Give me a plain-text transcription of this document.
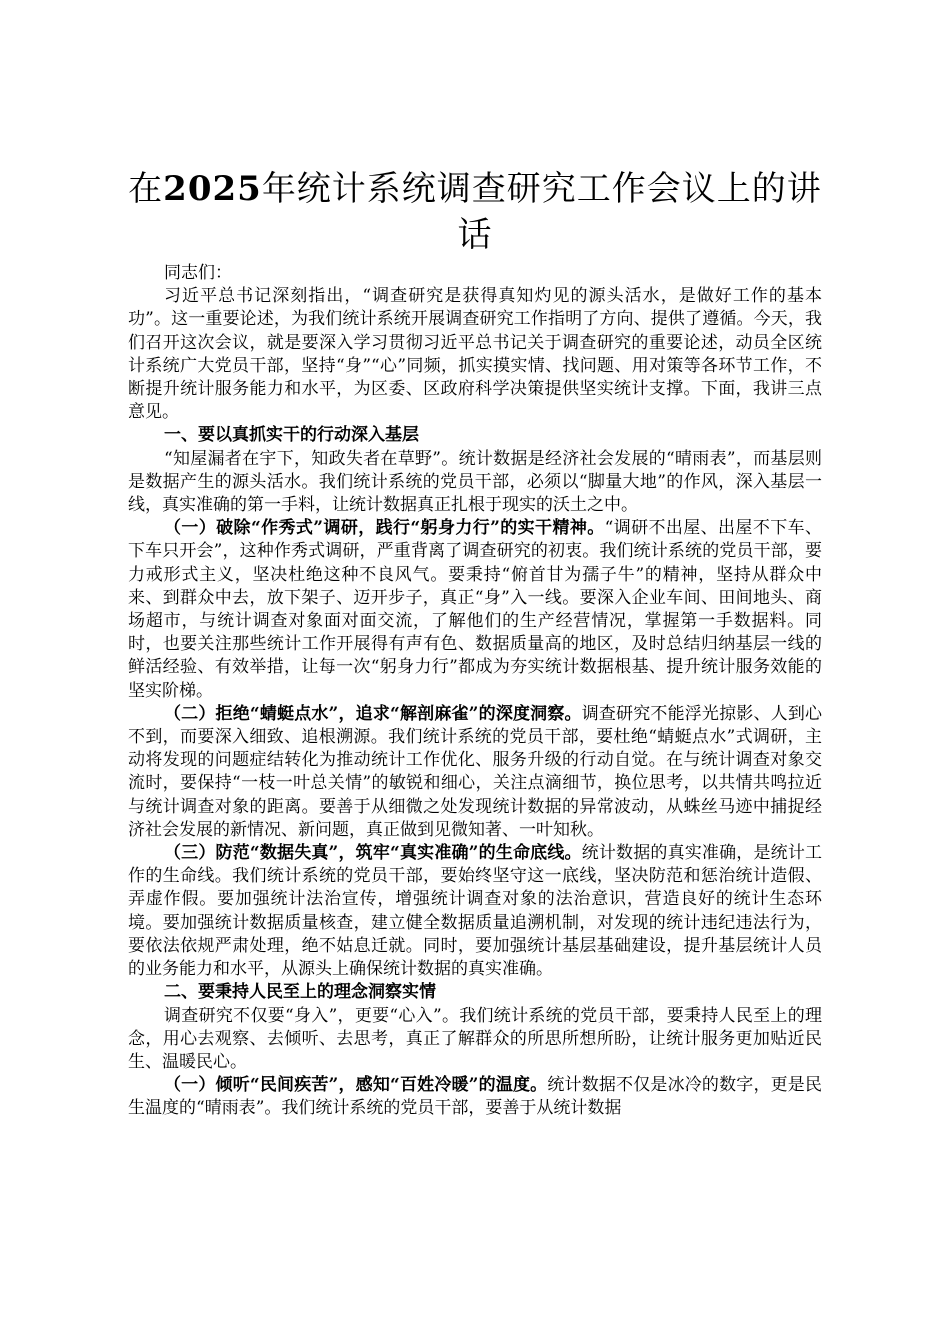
在2025年统计系统调查研究工作会议上的讲话

同志们：

习近平总书记深刻指出，“调查研究是获得真知灼见的源头活水，是做好工作的基本功”。这一重要论述，为我们统计系统开展调查研究工作指明了方向、提供了遵循。今天，我们召开这次会议，就是要深入学习贯彻习近平总书记关于调查研究的重要论述，动员全区统计系统广大党员干部，坚持“身”“心”同频，抓实摸实情、找问题、用对策等各环节工作，不断提升统计服务能力和水平，为区委、区政府科学决策提供坚实统计支撑。下面，我讲三点意见。

一、要以真抓实干的行动深入基层

“知屋漏者在宇下，知政失者在草野”。统计数据是经济社会发展的“晴雨表”，而基层则是数据产生的源头活水。我们统计系统的党员干部，必须以“脚量大地”的作风，深入基层一线，真实准确的第一手料，让统计数据真正扎根于现实的沃土之中。

（一）破除“作秀式”调研，践行“躬身力行”的实干精神。“调研不出屋、出屋不下车、下车只开会”，这种作秀式调研，严重背离了调查研究的初衷。我们统计系统的党员干部，要力戒形式主义，坚决杜绝这种不良风气。要秉持“俯首甘为孺子牛”的精神，坚持从群众中来、到群众中去，放下架子、迈开步子，真正“身”入一线。要深入企业车间、田间地头、商场超市，与统计调查对象面对面交流，了解他们的生产经营情况，掌握第一手数据料。同时，也要关注那些统计工作开展得有声有色、数据质量高的地区，及时总结归纳基层一线的鲜活经验、有效举措，让每一次“躬身力行”都成为夯实统计数据根基、提升统计服务效能的坚实阶梯。

（二）拒绝“蜻蜓点水”，追求“解剖麻雀”的深度洞察。调查研究不能浮光掠影、人到心不到，而要深入细致、追根溯源。我们统计系统的党员干部，要杜绝“蜻蜓点水”式调研，主动将发现的问题症结转化为推动统计工作优化、服务升级的行动自觉。在与统计调查对象交流时，要保持“一枝一叶总关情”的敏锐和细心，关注点滴细节，换位思考，以共情共鸣拉近与统计调查对象的距离。要善于从细微之处发现统计数据的异常波动，从蛛丝马迹中捕捉经济社会发展的新情况、新问题，真正做到见微知著、一叶知秋。

（三）防范“数据失真”，筑牢“真实准确”的生命底线。统计数据的真实准确，是统计工作的生命线。我们统计系统的党员干部，要始终坚守这一底线，坚决防范和惩治统计造假、弄虚作假。要加强统计法治宣传，增强统计调查对象的法治意识，营造良好的统计生态环境。要加强统计数据质量核查，建立健全数据质量追溯机制，对发现的统计违纪违法行为，要依法依规严肃处理，绝不姑息迁就。同时，要加强统计基层基础建设，提升基层统计人员的业务能力和水平，从源头上确保统计数据的真实准确。

二、要秉持人民至上的理念洞察实情

调查研究不仅要“身入”，更要“心入”。我们统计系统的党员干部，要秉持人民至上的理念，用心去观察、去倾听、去思考，真正了解群众的所思所想所盼，让统计服务更加贴近民生、温暖民心。

（一）倾听“民间疾苦”，感知“百姓冷暖”的温度。统计数据不仅是冰冷的数字，更是民生温度的“晴雨表”。我们统计系统的党员干部，要善于从统计数据
